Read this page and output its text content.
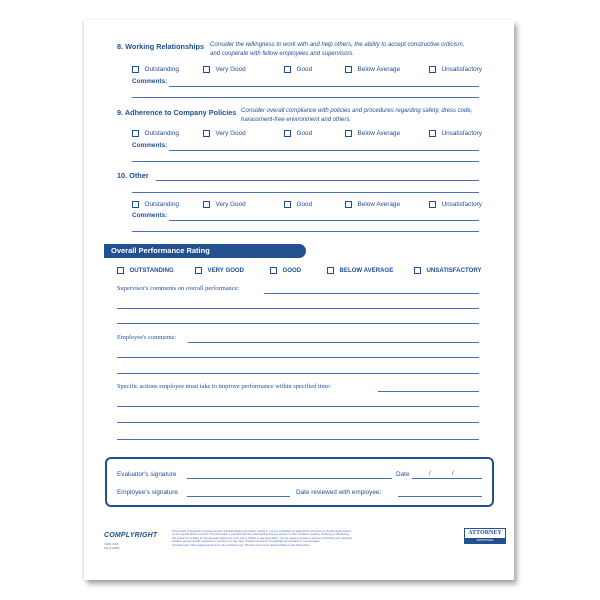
8. Working Relationships Consider the willingness to work with and help others, the ability to accept constructive criticism,
and cooperate with fellow employees and supervisors.
Outstanding	Very Good	Good	Below Average	Unsatisfactory
Comments:
9. Adherence to Company Policies Consider overall compliance with policies and procedures regarding safety, dress code,
harassment-free environment and others.
Outstanding	Very Good	Good	Below Average	Unsatisfactory
Comments:
10. Other
Outstanding	Very Good	Good	Below Average	Unsatisfactory
Comments:
Overall Performance Rating
OUTSTANDING	VERY GOOD	GOOD	BELOW AVERAGE	UNSATISFACTORY
Supervisor's comments on overall performance:
Employee's comments:
Specific actions employee must take to improve performance within specified time:
Evaluator's signature	Date	/	/
Employee's signature	Date reviewed with employee:
COMPLYRIGHT
©2011 ICDS
Item # A6062
This product is designed to provide accurate and authoritative information. However, it is not a substitute for legal advice and does not provide legal opinions
on any specific facts or services. The information is provided with the understanding that any person or entity involved in creating, producing or distributing
this product is not liable for any damages arising out of the use or inability to use this product. You are urged to consult an attorney concerning your particular
situation and any specific questions or concerns you may have. Products printed by ComplyRight are provided on recycled paper.
Important note: This is approved for use by the purchaser only. This form may not be shared publicly or with third parties.
ATTORNEY
APPROVED
